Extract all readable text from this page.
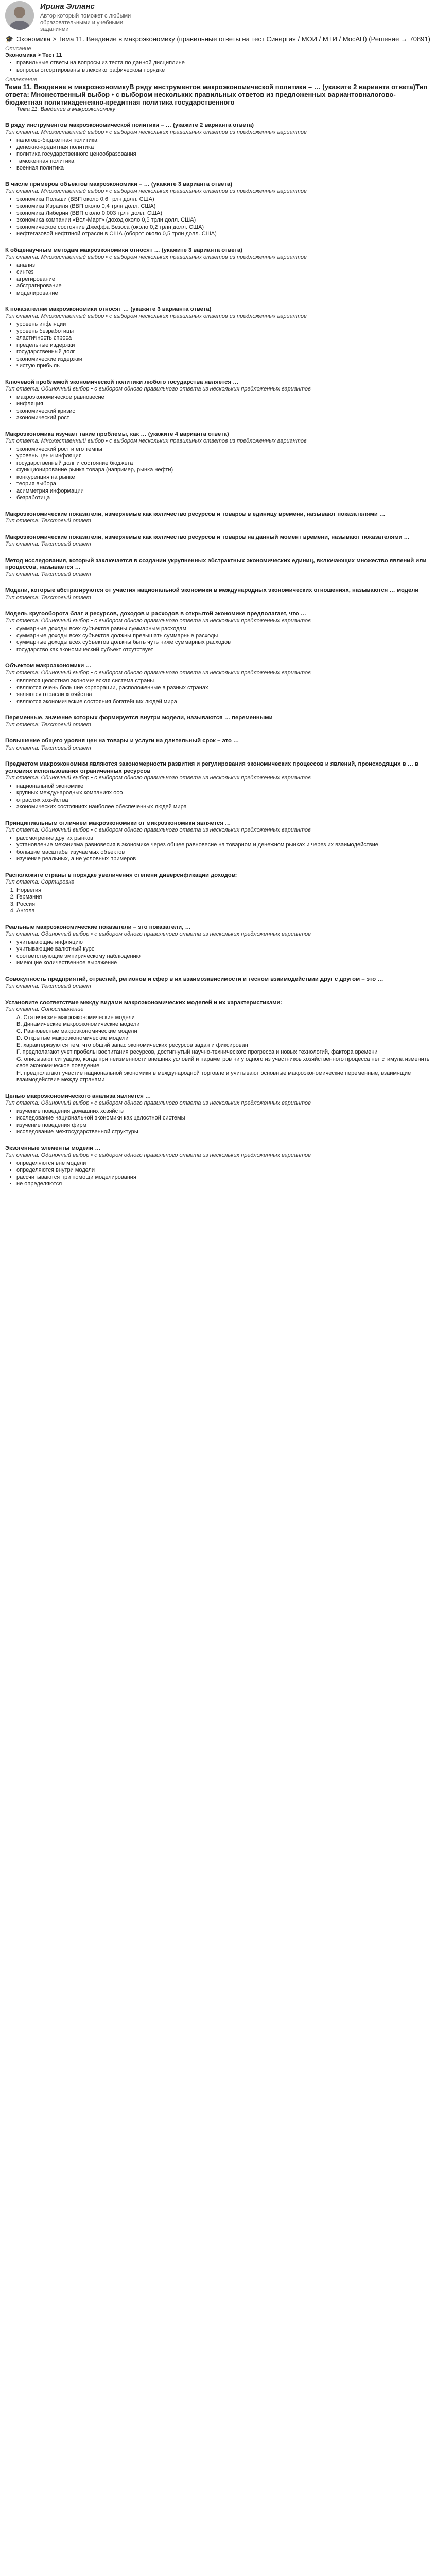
Ирина Элланс
Автор который поможет с любыми образовательными и учебными заданиями
🎓 Экономика > Тема 11. Введение в макроэкономику (правильные ответы на тест Синергия / МОИ / МТИ / МосАП) (Решение → 70891)
Описание
Экономика > Тест 11
• правильные ответы на вопросы из теста по данной дисциплине
• вопросы отсортированы в лексикографическом порядке
Оглавление
Тема 11. Введение в макроэкономикуВ ряду инструментов макроэкономической политики – … (укажите 2 варианта ответа)Тип ответа: Множественный выбор • с выбором нескольких правильных ответов из предложенных вариантовналогово-бюджетная политикаденежно-кредитная политика государственного
Тема 11. Введение в макроэкономику
В ряду инструментов макроэкономической политики – … (укажите 2 варианта ответа)
Тип ответа: Множественный выбор • с выбором нескольких правильных ответов из предложенных вариантов
• налогово-бюджетная политика
• денежно-кредитная политика
• политика государственного ценообразования
• таможенная политика
• военная политика
В числе примеров объектов макроэкономики – … (укажите 3 варианта ответа)
Тип ответа: Множественный выбор • с выбором нескольких правильных ответов из предложенных вариантов
• экономика Польши (ВВП около 0,6 трлн долл. США)
• экономика Израиля (ВВП около 0,4 трлн долл. США)
• экономика Либерии (ВВП около 0,003 трлн долл. США)
• экономика компании «Вол-Март» (доход около 0,5 трлн долл. США)
• экономическое состояние Джеффа Безоса (около 0,2 трлн долл. США)
• нефтегазовой нефтяной отрасли в США (оборот около 0,5 трлн долл. США)
К общенаучным методам макроэкономики относят … (укажите 3 варианта ответа)
Тип ответа: Множественный выбор • с выбором нескольких правильных ответов из предложенных вариантов
• анализ
• синтез
• агрегирование
• абстрагирование
• моделирование
К показателям макроэкономики относят … (укажите 3 варианта ответа)
Тип ответа: Множественный выбор • с выбором нескольких правильных ответов из предложенных вариантов
• уровень инфляции
• уровень безработицы
• эластичность спроса
• предельные издержки
• государственный долг
• экономические издержки
• чистую прибыль
Ключевой проблемой экономической политики любого государства является …
Тип ответа: Одиночный выбор • с выбором одного правильного ответа из нескольких предложенных вариантов
• макроэкономическое равновесие
• инфляция
• экономический кризис
• экономический рост
Макроэкономика изучает такие проблемы, как … (укажите 4 варианта ответа)
Тип ответа: Множественный выбор • с выбором нескольких правильных ответов из предложенных вариантов
• экономический рост и его темпы
• уровень цен и инфляция
• государственный долг и состояние бюджета
• функционирование рынка товара (например, рынка нефти)
• конкуренция на рынке
• теория выбора
• асимметрия информации
• безработица
Макроэкономические показатели, измеряемые как количество ресурсов и товаров в единицу времени, называют показателями …
Тип ответа: Текстовый ответ
Макроэкономические показатели, измеряемые как количество ресурсов и товаров на данный момент времени, называют показателями …
Тип ответа: Текстовый ответ
Метод исследования, который заключается в создании укрупненных абстрактных экономических единиц, включающих множество явлений или процессов, называется …
Тип ответа: Текстовый ответ
Модели, которые абстрагируются от участия национальной экономики в международных экономических отношениях, называются … модели
Тип ответа: Текстовый ответ
Модель кругооборота благ и ресурсов, доходов и расходов в открытой экономике предполагает, что …
Тип ответа: Одиночный выбор • с выбором одного правильного ответа из нескольких предложенных вариантов
• суммарные доходы всех субъектов равны суммарным расходам
• суммарные доходы всех субъектов должны превышать суммарные расходы
• суммарные доходы всех субъектов должны быть чуть ниже суммарных расходов
• государство как экономический субъект отсутствует
Объектом макроэкономики …
Тип ответа: Одиночный выбор • с выбором одного правильного ответа из нескольких предложенных вариантов
• является целостная экономическая система страны
• являются очень большие корпорации, расположенные в разных странах
• являются отрасли хозяйства
• являются экономические состояния богатейших людей мира
Переменные, значение которых формируется внутри модели, называются … переменными
Тип ответа: Текстовый ответ
Повышение общего уровня цен на товары и услуги на длительный срок – это …
Тип ответа: Текстовый ответ
Предметом макроэкономики являются закономерности развития и регулирования экономических процессов и явлений, происходящих в … в условиях использования ограниченных ресурсов
Тип ответа: Одиночный выбор • с выбором одного правильного ответа из нескольких предложенных вариантов
• национальной экономике
• крупных международных компаниях ооо
• отраслях хозяйства
• экономических состояниях наиболее обеспеченных людей мира
Принципиальным отличием макроэкономики от микроэкономики является …
Тип ответа: Одиночный выбор • с выбором одного правильного ответа из нескольких предложенных вариантов
• рассмотрение других рынков
• установление механизма равновесия в экономике через общее равновесие на товарном и денежном рынках и через их взаимодействие
• большие масштабы изучаемых объектов
• изучение реальных, а не условных примеров
Расположите страны в порядке увеличения степени диверсификации доходов:
Тип ответа: Сортировка
1. Норвегия
2. Германия
3. Россия
4. Ангола
Реальные макроэкономические показатели – это показатели, …
Тип ответа: Одиночный выбор • с выбором одного правильного ответа из нескольких предложенных вариантов
• учитывающие инфляцию
• учитывающие валютный курс
• соответствующие эмпирическому наблюдению
• имеющие количественное выражение
Совокупность предприятий, отраслей, регионов и сфер в их взаимозависимости и тесном взаимодействии друг с другом – это …
Тип ответа: Текстовый ответ
Установите соответствие между видами макроэкономических моделей и их характеристиками:
Тип ответа: Сопоставление
A. Статические макроэкономические модели
B. Динамические макроэкономические модели
C. Равновесные макроэкономические модели
D. Открытые макроэкономические модели
E. характеризуются тем, что общий запас экономических ресурсов задан и фиксирован
F. предполагают учет пробелы воспитания ресурсов, достигнутый научно-технического прогресса и новых технологий, фактора времени
G. описывают ситуацию, когда при неизменности внешних условий и параметров ни у одного из участников хозяйственного процесса нет стимула изменить свое экономическое поведение
H. предполагают участие национальной экономики в международной торговле и учитывают основные макроэкономические переменные, взаимящие взаимодействие между странами
Целью макроэкономического анализа является …
Тип ответа: Одиночный выбор • с выбором одного правильного ответа из нескольких предложенных вариантов
• изучение поведения домашних хозяйств
• исследование национальной экономики как целостной системы
• изучение поведения фирм
• исследование межгосударственной структуры
Экзогенные элементы модели …
Тип ответа: Одиночный выбор • с выбором одного правильного ответа из нескольких предложенных вариантов
• определяются вне модели
• определяются внутри модели
• рассчитываются при помощи моделирования
• не определяются
